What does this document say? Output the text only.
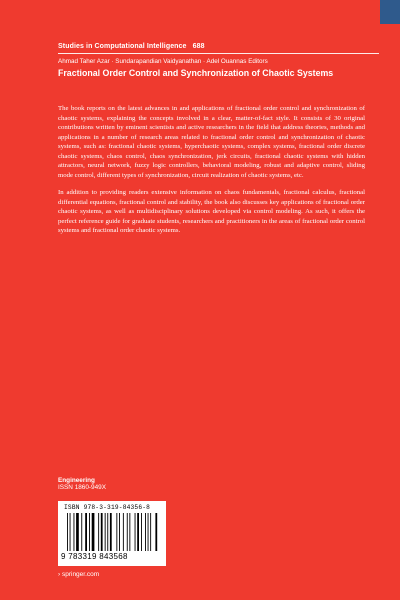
Studies in Computational Intelligence 688
Ahmad Taher Azar · Sundarapandian Vaidyanathan · Adel Ouannas Editors
Fractional Order Control and Synchronization of Chaotic Systems

The book reports on the latest advances in and applications of fractional order control and synchronization of chaotic systems, explaining the concepts involved in a clear, matter-of-fact style. It consists of 30 original contributions written by eminent scientists and active researchers in the field that address theories, methods and applications in a number of research areas related to fractional order control and synchronization of chaotic systems, such as: fractional chaotic systems, hyperchaotic systems, complex systems, fractional order discrete chaotic systems, chaos control, chaos synchronization, jerk circuits, fractional chaotic systems with hidden attractors, neural network, fuzzy logic controllers, behavioral modeling, robust and adaptive control, sliding mode control, different types of synchronization, circuit realization of chaotic systems, etc.

In addition to providing readers extensive information on chaos fundamentals, fractional calculus, fractional differential equations, fractional control and stability, the book also discusses key applications of fractional order chaotic systems, as well as multidisciplinary solutions developed via control modeling. As such, it offers the perfect reference guide for graduate students, researchers and practitioners in the areas of fractional order control systems and fractional order chaotic systems.

Engineering
ISSN 1860-949X
ISBN 978-3-319-84356-8
9 783319 843568
› springer.com
